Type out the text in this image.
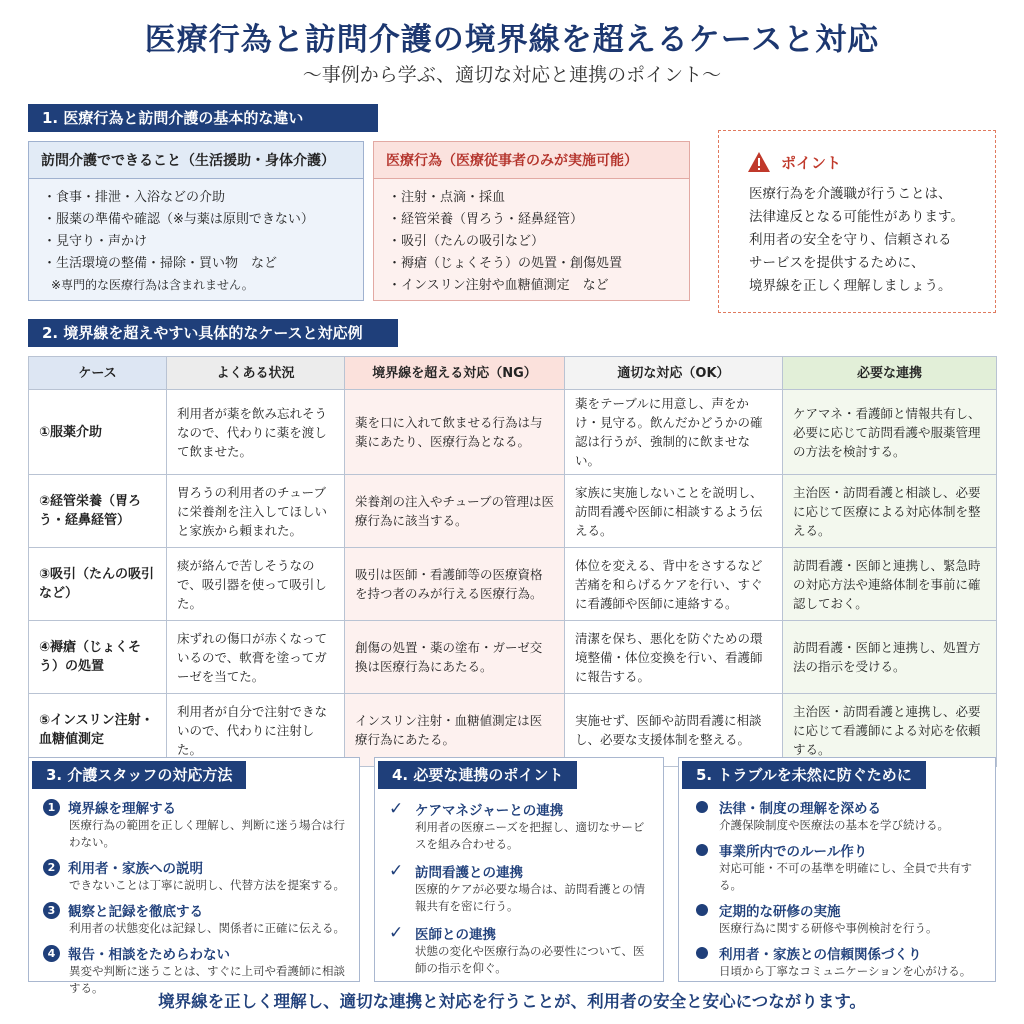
医療行為と訪問介護の境界線を超えるケースと対応
〜事例から学ぶ、適切な対応と連携のポイント〜
1. 医療行為と訪問介護の基本的な違い
訪問介護でできること（生活援助・身体介護）
・食事・排泄・入浴などの介助
・服薬の準備や確認（※与薬は原則できない）
・見守り・声かけ
・生活環境の整備・掃除・買い物　など
※専門的な医療行為は含まれません。
医療行為（医療従事者のみが実施可能）
・注射・点滴・採血
・経管栄養（胃ろう・経鼻経管）
・吸引（たんの吸引など）
・褥瘡（じょくそう）の処置・創傷処置
・インスリン注射や血糖値測定　など
ポイント
医療行為を介護職が行うことは、
法律違反となる可能性があります。
利用者の安全を守り、信頼される
サービスを提供するために、
境界線を正しく理解しましょう。
2. 境界線を超えやすい具体的なケースと対応例
ケース	よくある状況	境界線を超える対応（NG）	適切な対応（OK）	必要な連携
①服薬介助	利用者が薬を飲み忘れそうなので、代わりに薬を渡して飲ませた。	薬を口に入れて飲ませる行為は与薬にあたり、医療行為となる。	薬をテーブルに用意し、声をかけ・見守る。飲んだかどうかの確認は行うが、強制的に飲ませない。	ケアマネ・看護師と情報共有し、必要に応じて訪問看護や服薬管理の方法を検討する。
②経管栄養（胃ろう・経鼻経管）	胃ろうの利用者のチューブに栄養剤を注入してほしいと家族から頼まれた。	栄養剤の注入やチューブの管理は医療行為に該当する。	家族に実施しないことを説明し、訪問看護や医師に相談するよう伝える。	主治医・訪問看護と相談し、必要に応じて医療による対応体制を整える。
③吸引（たんの吸引など）	痰が絡んで苦しそうなので、吸引器を使って吸引した。	吸引は医師・看護師等の医療資格を持つ者のみが行える医療行為。	体位を変える、背中をさするなど苦痛を和らげるケアを行い、すぐに看護師や医師に連絡する。	訪問看護・医師と連携し、緊急時の対応方法や連絡体制を事前に確認しておく。
④褥瘡（じょくそう）の処置	床ずれの傷口が赤くなっているので、軟膏を塗ってガーゼを当てた。	創傷の処置・薬の塗布・ガーゼ交換は医療行為にあたる。	清潔を保ち、悪化を防ぐための環境整備・体位変換を行い、看護師に報告する。	訪問看護・医師と連携し、処置方法の指示を受ける。
⑤インスリン注射・血糖値測定	利用者が自分で注射できないので、代わりに注射した。	インスリン注射・血糖値測定は医療行為にあたる。	実施せず、医師や訪問看護に相談し、必要な支援体制を整える。	主治医・訪問看護と連携し、必要に応じて看護師による対応を依頼する。
3. 介護スタッフの対応方法
1 境界線を理解する
医療行為の範囲を正しく理解し、判断に迷う場合は行わない。
2 利用者・家族への説明
できないことは丁寧に説明し、代替方法を提案する。
3 観察と記録を徹底する
利用者の状態変化は記録し、関係者に正確に伝える。
4 報告・相談をためらわない
異変や判断に迷うことは、すぐに上司や看護師に相談する。
4. 必要な連携のポイント
✓ ケアマネジャーとの連携
利用者の医療ニーズを把握し、適切なサービスを組み合わせる。
✓ 訪問看護との連携
医療的ケアが必要な場合は、訪問看護との情報共有を密に行う。
✓ 医師との連携
状態の変化や医療行為の必要性について、医師の指示を仰ぐ。
5. トラブルを未然に防ぐために
法律・制度の理解を深める
介護保険制度や医療法の基本を学び続ける。
事業所内でのルール作り
対応可能・不可の基準を明確にし、全員で共有する。
定期的な研修の実施
医療行為に関する研修や事例検討を行う。
利用者・家族との信頼関係づくり
日頃から丁寧なコミュニケーションを心がける。
境界線を正しく理解し、適切な連携と対応を行うことが、利用者の安全と安心につながります。
